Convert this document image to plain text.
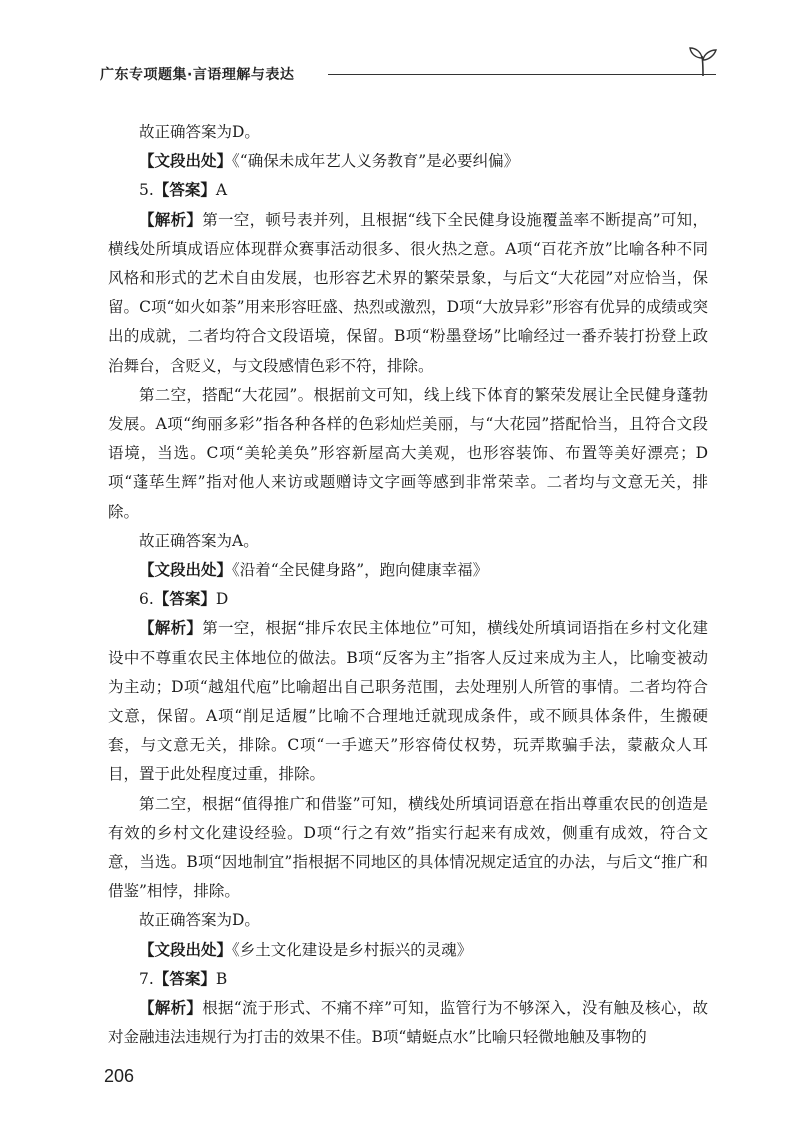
广东专项题集·言语理解与表达

故正确答案为D。

【文段出处】《“确保未成年艺人义务教育”是必要纠偏》

5.【答案】A

【解析】第一空，顿号表并列，且根据“线下全民健身设施覆盖率不断提高”可知，横线处所填成语应体现群众赛事活动很多、很火热之意。A项“百花齐放”比喻各种不同风格和形式的艺术自由发展，也形容艺术界的繁荣景象，与后文“大花园”对应恰当，保留。C项“如火如荼”用来形容旺盛、热烈或激烈，D项“大放异彩”形容有优异的成绩或突出的成就，二者均符合文段语境，保留。B项“粉墨登场”比喻经过一番乔装打扮登上政治舞台，含贬义，与文段感情色彩不符，排除。

第二空，搭配“大花园”。根据前文可知，线上线下体育的繁荣发展让全民健身蓬勃发展。A项“绚丽多彩”指各种各样的色彩灿烂美丽，与“大花园”搭配恰当，且符合文段语境，当选。C项“美轮美奂”形容新屋高大美观，也形容装饰、布置等美好漂亮；D项“蓬荜生辉”指对他人来访或题赠诗文字画等感到非常荣幸。二者均与文意无关，排除。

故正确答案为A。

【文段出处】《沿着“全民健身路”，跑向健康幸福》

6.【答案】D

【解析】第一空，根据“排斥农民主体地位”可知，横线处所填词语指在乡村文化建设中不尊重农民主体地位的做法。B项“反客为主”指客人反过来成为主人，比喻变被动为主动；D项“越俎代庖”比喻超出自己职务范围，去处理别人所管的事情。二者均符合文意，保留。A项“削足适履”比喻不合理地迁就现成条件，或不顾具体条件，生搬硬套，与文意无关，排除。C项“一手遮天”形容倚仗权势，玩弄欺骗手法，蒙蔽众人耳目，置于此处程度过重，排除。

第二空，根据“值得推广和借鉴”可知，横线处所填词语意在指出尊重农民的创造是有效的乡村文化建设经验。D项“行之有效”指实行起来有成效，侧重有成效，符合文意，当选。B项“因地制宜”指根据不同地区的具体情况规定适宜的办法，与后文“推广和借鉴”相悖，排除。

故正确答案为D。

【文段出处】《乡土文化建设是乡村振兴的灵魂》

7.【答案】B

【解析】根据“流于形式、不痛不痒”可知，监管行为不够深入，没有触及核心，故对金融违法违规行为打击的效果不佳。B项“蜻蜓点水”比喻只轻微地触及事物的

206
